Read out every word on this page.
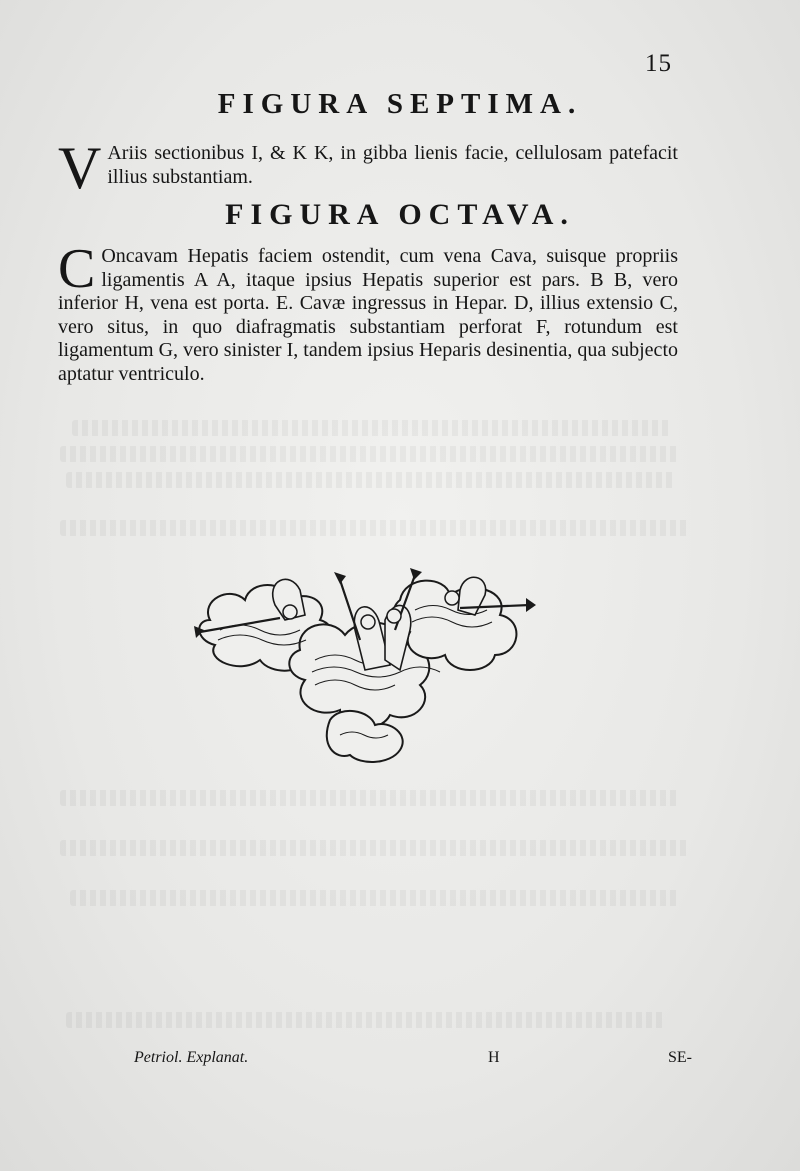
15
FIGURA SEPTIMA.
V Ariis sectionibus I, & K K, in gibba lienis facie, cellulosam patefacit illius substantiam.
FIGURA OCTAVA.
C Oncavam Hepatis faciem ostendit, cum vena Cava, suisque propriis ligamentis A A, itaque ipsius Hepatis superior est pars. B B, vero inferior H, vena est porta. E. Cavæ ingressus in Hepar. D, illius extensio C, vero situs, in quo diafragmatis substantiam perforat F, rotundum est ligamentum G, vero sinister I, tandem ipsius Heparis desinentia, qua subjecto aptatur ventriculo.
Petriol. Explanat.	H	SE-
